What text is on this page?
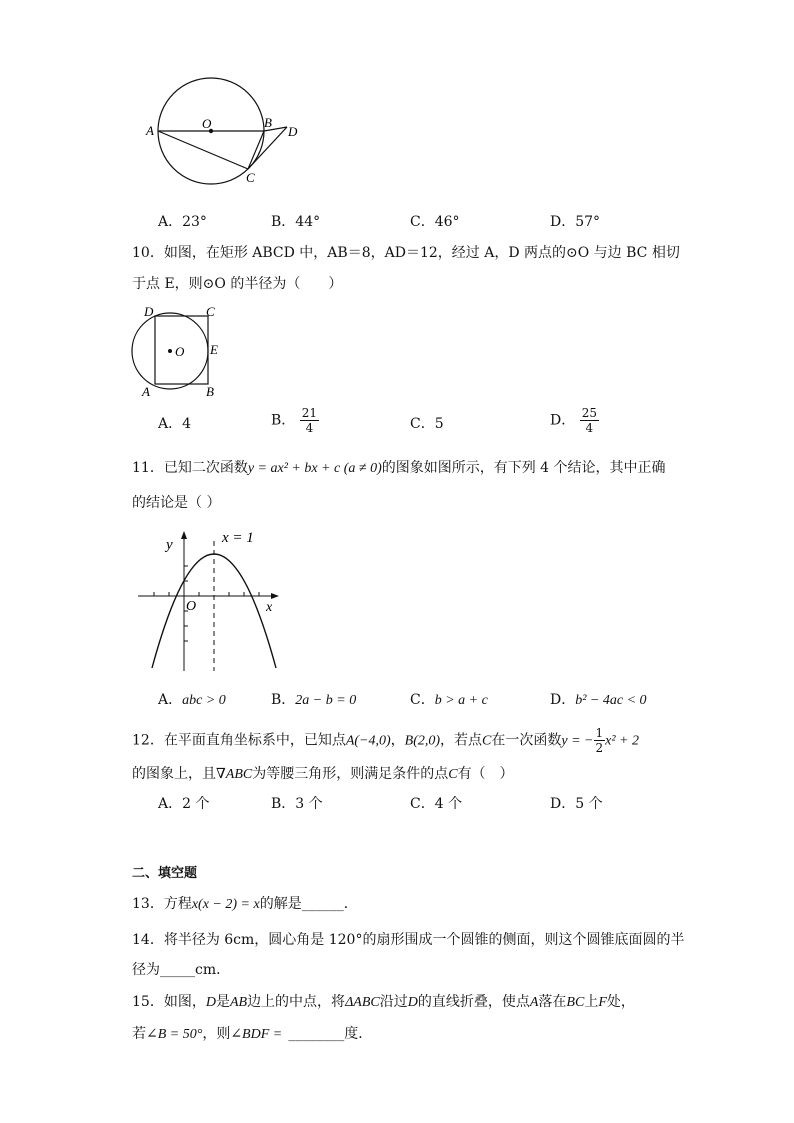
A	O	B
D
C
A．23°	B．44°	C．46°	D．57°
10．如图，在矩形 ABCD 中，AB＝8，AD＝12，经过 A，D 两点的⊙O 与边 BC 相切
于点 E，则⊙O 的半径为（　　）
D	C
O E
A	B
A．4	B． $\frac{21}{4}$	C．5	D． $\frac{25}{4}$
11．已知二次函数y = ax² + bx + c (a ≠ 0)的图象如图所示，有下列 4 个结论，其中正确
的结论是（ ）
y
x
O
x = 1
A．abc > 0	B．2a − b = 0	C．b > a + c	D．b² − 4ac < 0
12．在平面直角坐标系中，已知点A(−4,0)，B(2,0)，若点C在一次函数y = − $\frac{1}{2} x^2 + 2$
的图象上，且∇ABC为等腰三角形，则满足条件的点C有（　）
A．2 个	B．3 个	C．4 个	D．5 个
二、填空题
13．方程x(x − 2) = x的解是______．
14．将半径为 6cm，圆心角是 120°的扇形围成一个圆锥的侧面，则这个圆锥底面圆的半
径为_____cm．
15．如图，D是AB边上的中点，将ΔABC沿过D的直线折叠，使点A落在BC上F处，
若∠B = 50°，则∠BDF = ________度．
